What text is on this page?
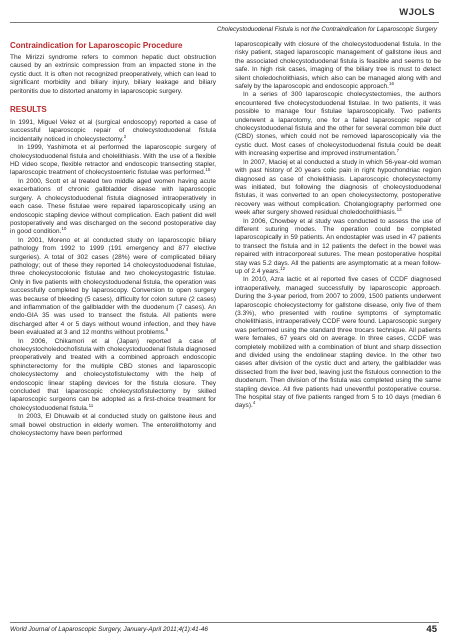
WJOLS
Cholecystoduodenal Fistula is not the Contraindication for Laparoscopic Surgery
Contraindication for Laparoscopic Procedure

The Mirizzi syndrome refers to common hepatic duct obstruction caused by an extrinsic compression from an impacted stone in the cystic duct. It is often not recognized preoperatively, which can lead to significant morbidity and biliary injury, biliary leakage and biliary peritonitis due to distorted anatomy in laparoscopic surgery.

RESULTS

In 1991, Miguel Velez et al (surgical endoscopy) reported a case of successful laparoscopic repair of cholecystoduodenal fistula incidentally noticed in cholecystectomy.$^2$

In 1999, Yashimota et al performed the laparoscopic surgery of cholecystoduodenal fistula and cholelithiasis. With the use of a flexible HD video scope, flexible retractor and endoscopic transecting stapler, laparoscopic treatment of cholecystoenteric fistulae was performed.$^{15}$

In 2000, Scott et al treated two middle aged women having acute exacerbations of chronic gallbladder disease with laparoscopic surgery. A cholecystoduodenal fistula diagnosed intraoperatively in each case. These fistulae were repaired laparoscopically using an endoscopic stapling device without complication. Each patient did well postoperatively and was discharged on the second postoperative day in good condition.$^{10}$

In 2001, Moreno et al conducted study on laparoscopic biliary pathology from 1992 to 1999 (191 emergency and 877 elective surgeries). A total of 302 cases (28%) were of complicated biliary pathology; out of these they reported 14 cholecystoduodenal fistulae, three cholecystocolonic fistulae and two cholecystogastric fistulae. Only in five patients with cholecystoduodenal fistula, the operation was successfully completed by laparoscopy. Conversion to open surgery was because of bleeding (5 cases), difficulty for colon suture (2 cases) and inflammation of the gallbladder with the duodenum (7 cases). An endo-GIA 35 was used to transect the fistula. All patients were discharged after 4 or 5 days without wound infection, and they have been evaluated at 3 and 12 months without problems.$^5$

In 2006, Chikamori et al (Japan) reported a case of cholecystocholedochofistula with cholecystoduodenal fistula diagnosed preoperatively and treated with a combined approach endoscopic sphincterectomy for the multiple CBD stones and laparoscopic cholecystectomy and cholecystofistulectomy with the help of endoscopic linear stapling devices for the fistula closure. They concluded that laparoscopic cholecystofistulectomy by skilled laparoscopic surgeons can be adopted as a first-choice treatment for cholecystoduodenal fistula.$^{11}$

In 2003, El Dhuwaib et al conducted study on gallstone ileus and small bowel obstruction in elderly women. The enterolithotomy and cholecystectomy have been performed

laparoscopically with closure of the cholecystoduodenal fistula. In the risky patient, staged laparoscopic management of gallstone ileus and the associated cholecystoduodenal fistula is feasible and seems to be safe. In high risk cases, imaging of the biliary tree is must to detect silent choledocholithiasis, which also can be managed along with and safely by the laparoscopic and endoscopic approach.$^{16}$

In a series of 300 laparoscopic cholecystectomies, the authors encountered five cholecystoduodenal fistulae. In two patients, it was possible to manage four fistulae laparoscopically. Two patients underwent a laparotomy, one for a failed laparoscopic repair of cholecystoduodenal fistula and the other for several common bile duct (CBD) stones, which could not be removed laparoscopically via the cystic duct. Most cases of cholecystoduodenal fistula could be dealt with increasing expertise and improved instrumentation.$^7$

In 2007, Maciej et al conducted a study in which 56-year-old woman with past history of 20 years colic pain in right hypochondriac region diagnosed as case of cholelithiasis. Laparoscopic cholecystectomy was initiated, but following the diagnosis of cholecystoduodenal fistulas, it was converted to an open cholecystectomy, postoperative recovery was without complication. Cholangiography performed one week after surgery showed residual choledocholithiasis.$^{13}$

In 2006, Chowbey et al study was conducted to assess the use of different suturing modes. The operation could be completed laparoscopically in 59 patients. An endostapler was used in 47 patients to transect the fistula and in 12 patients the defect in the bowel was repaired with intracorporeal sutures. The mean postoperative hospital stay was 5.2 days. All the patients are asymptomatic at a mean follow-up of 2.4 years.$^{12}$

In 2010, Azra lactic et al reported five cases of CCDF diagnosed intraoperatively, managed successfully by laparoscopic approach. During the 3-year period, from 2007 to 2009, 1500 patients underwent laparoscopic cholecystectomy for gallstone disease, only five of them (3.3%), who presented with routine symptoms of symptomatic cholelithiasis, intraoperatively CCDF were found. Laparoscopic surgery was performed using the standard three trocars technique. All patients were females, 67 years old on average. In three cases, CCDF was completely mobilized with a combination of blunt and sharp dissection and divided using the endolinear stapling device. In the other two cases after division of the cystic duct and artery, the gallbladder was dissected from the liver bed, leaving just the fistulous connection to the duodenum. Then division of the fistula was completed using the same stapling device. All five patients had uneventful postoperative course. The hospital stay of five patients ranged from 5 to 10 days (median 6 days).$^4$

World Journal of Laparoscopic Surgery, January-April 2011;4(1):41-46	45
